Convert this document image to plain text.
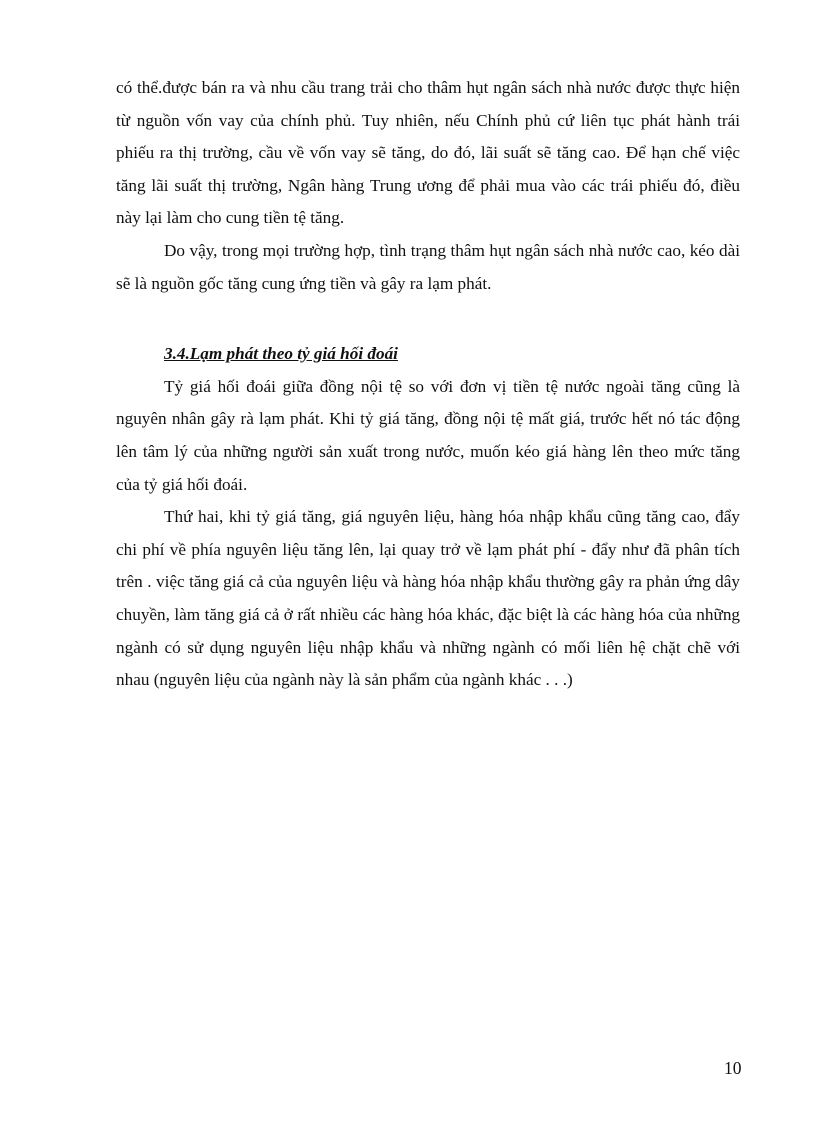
có thể.được bán ra và nhu cầu trang trải cho thâm hụt ngân sách nhà nước được thực hiện từ nguồn vốn vay của chính phủ. Tuy nhiên, nếu Chính phủ cứ liên tục phát hành trái phiếu ra thị trường, cầu về vốn vay sẽ tăng, do đó, lãi suất sẽ tăng cao. Để hạn chế việc tăng lãi suất thị trường, Ngân hàng Trung ương để phải mua vào các trái phiếu đó, điều này lại làm cho cung tiền tệ tăng.

Do vậy, trong mọi trường hợp, tình trạng thâm hụt ngân sách nhà nước cao, kéo dài sẽ là nguồn gốc tăng cung ứng tiền và gây ra lạm phát.

3.4.Lạm phát theo tỷ giá hối đoái

Tỷ giá hối đoái giữa đồng nội tệ so với đơn vị tiền tệ nước ngoài tăng cũng là nguyên nhân gây rà lạm phát. Khi tỷ giá tăng, đồng nội tệ mất giá, trước hết nó tác động lên tâm lý của những người sản xuất trong nước, muốn kéo giá hàng lên theo mức tăng của tỷ giá hối đoái.

Thứ hai, khi tỷ giá tăng, giá nguyên liệu, hàng hóa nhập khẩu cũng tăng cao, đẩy chi phí về phía nguyên liệu tăng lên, lại quay trở về lạm phát phí - đẩy như đã phân tích trên . việc tăng giá cả của nguyên liệu và hàng hóa nhập khẩu thường gây ra phản ứng dây chuyền, làm tăng giá cả ở rất nhiều các hàng hóa khác, đặc biệt là các hàng hóa của những ngành có sử dụng nguyên liệu nhập khẩu và những ngành có mối liên hệ chặt chẽ với nhau (nguyên liệu của ngành này là sản phẩm của ngành khác . . .)

10
